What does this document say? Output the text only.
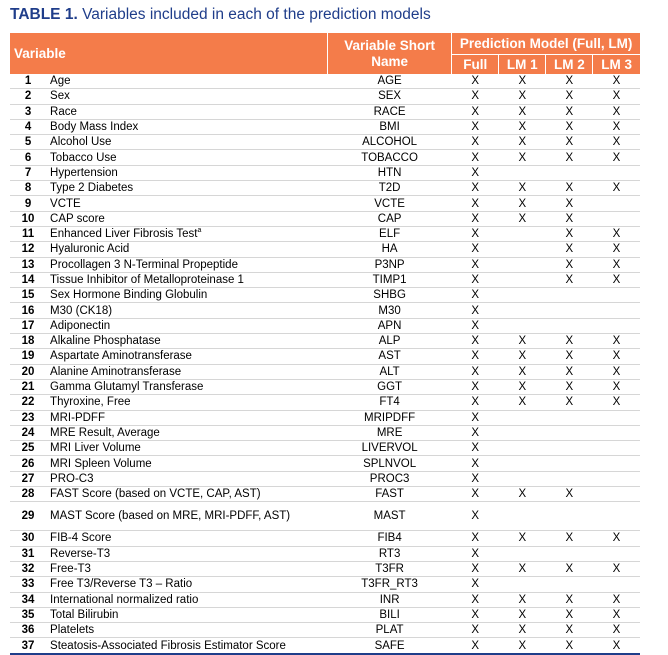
TABLE 1. Variables included in each of the prediction models
Variable		Variable Short Name	Prediction Model (Full, LM)			
			Full	LM 1	LM 2	LM 3
1	Age	AGE	X	X	X	X
2	Sex	SEX	X	X	X	X
3	Race	RACE	X	X	X	X
4	Body Mass Index	BMI	X	X	X	X
5	Alcohol Use	ALCOHOL	X	X	X	X
6	Tobacco Use	TOBACCO	X	X	X	X
7	Hypertension	HTN	X			
8	Type 2 Diabetes	T2D	X	X	X	X
9	VCTE	VCTE	X	X	X	
10	CAP score	CAP	X	X	X	
11	Enhanced Liver Fibrosis Test$^a$	ELF	X		X	X
12	Hyaluronic Acid	HA	X		X	X
13	Procollagen 3 N-Terminal Propeptide	P3NP	X		X	X
14	Tissue Inhibitor of Metalloproteinase 1	TIMP1	X		X	X
15	Sex Hormone Binding Globulin	SHBG	X			
16	M30 (CK18)	M30	X			
17	Adiponectin	APN	X			
18	Alkaline Phosphatase	ALP	X	X	X	X
19	Aspartate Aminotransferase	AST	X	X	X	X
20	Alanine Aminotransferase	ALT	X	X	X	X
21	Gamma Glutamyl Transferase	GGT	X	X	X	X
22	Thyroxine, Free	FT4	X	X	X	X
23	MRI-PDFF	MRIPDFF	X			
24	MRE Result, Average	MRE	X			
25	MRI Liver Volume	LIVERVOL	X			
26	MRI Spleen Volume	SPLNVOL	X			
27	PRO-C3	PROC3	X			
28	FAST Score (based on VCTE, CAP, AST)	FAST	X	X	X	
29	MAST Score (based on MRE, MRI-PDFF, AST)	MAST	X			
30	FIB-4 Score	FIB4	X	X	X	X
31	Reverse-T3	RT3	X			
32	Free-T3	T3FR	X	X	X	X
33	Free T3/Reverse T3 – Ratio	T3FR_RT3	X			
34	International normalized ratio	INR	X	X	X	X
35	Total Bilirubin	BILI	X	X	X	X
36	Platelets	PLAT	X	X	X	X
37	Steatosis-Associated Fibrosis Estimator Score	SAFE	X	X	X	X
